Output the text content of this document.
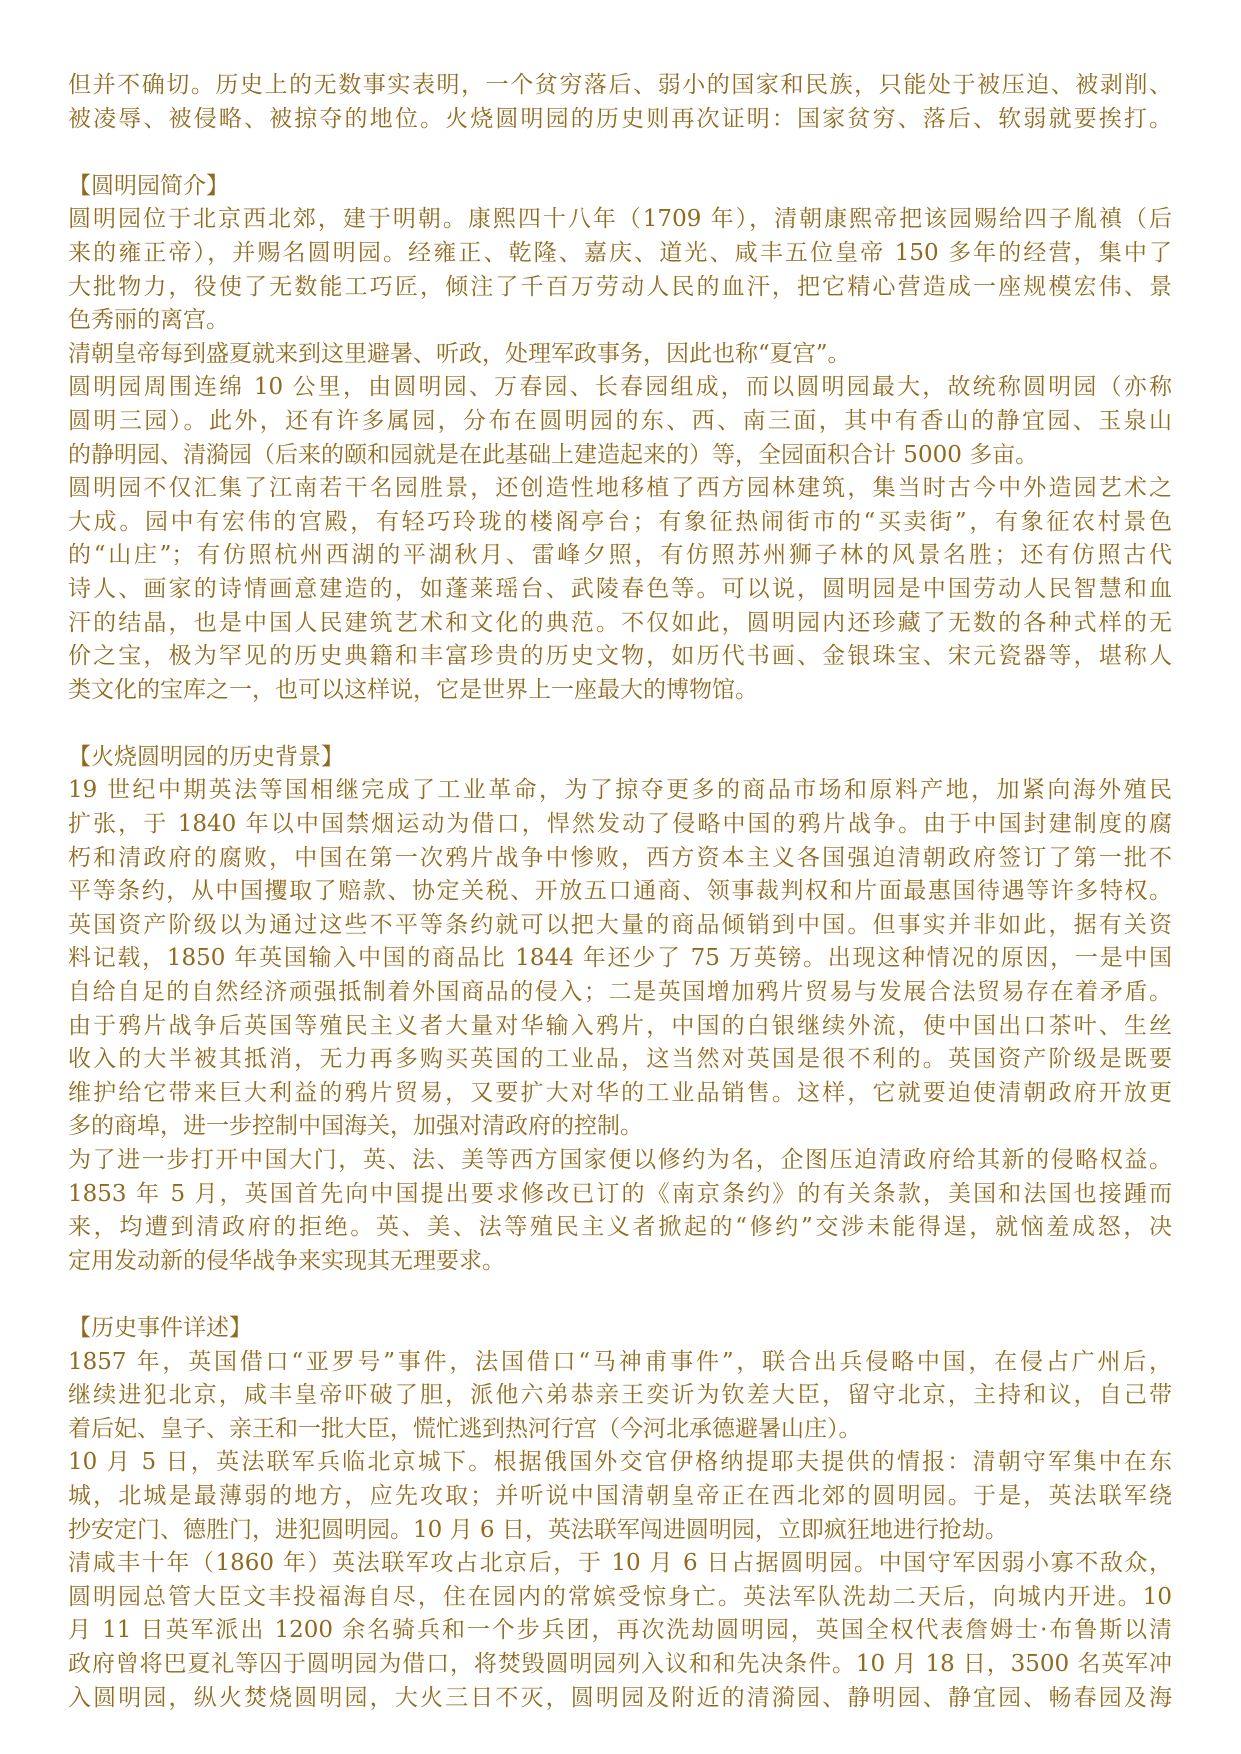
但并不确切。历史上的无数事实表明，一个贫穷落后、弱小的国家和民族，只能处于被压迫、被剥削、
被凌辱、被侵略、被掠夺的地位。火烧圆明园的历史则再次证明：国家贫穷、落后、软弱就要挨打。
【圆明园简介】
圆明园位于北京西北郊，建于明朝。康熙四十八年（1709 年），清朝康熙帝把该园赐给四子胤禛（后
来的雍正帝），并赐名圆明园。经雍正、乾隆、嘉庆、道光、咸丰五位皇帝 150 多年的经营，集中了
大批物力，役使了无数能工巧匠，倾注了千百万劳动人民的血汗，把它精心营造成一座规模宏伟、景
色秀丽的离宫。
清朝皇帝每到盛夏就来到这里避暑、听政，处理军政事务，因此也称“夏宫”。
圆明园周围连绵 10 公里，由圆明园、万春园、长春园组成，而以圆明园最大，故统称圆明园（亦称
圆明三园）。此外，还有许多属园，分布在圆明园的东、西、南三面，其中有香山的静宜园、玉泉山
的静明园、清漪园（后来的颐和园就是在此基础上建造起来的）等，全园面积合计 5000 多亩。
圆明园不仅汇集了江南若干名园胜景，还创造性地移植了西方园林建筑，集当时古今中外造园艺术之
大成。园中有宏伟的宫殿，有轻巧玲珑的楼阁亭台；有象征热闹街市的“买卖街”，有象征农村景色
的“山庄”；有仿照杭州西湖的平湖秋月、雷峰夕照，有仿照苏州狮子林的风景名胜；还有仿照古代
诗人、画家的诗情画意建造的，如蓬莱瑶台、武陵春色等。可以说，圆明园是中国劳动人民智慧和血
汗的结晶，也是中国人民建筑艺术和文化的典范。不仅如此，圆明园内还珍藏了无数的各种式样的无
价之宝，极为罕见的历史典籍和丰富珍贵的历史文物，如历代书画、金银珠宝、宋元瓷器等，堪称人
类文化的宝库之一，也可以这样说，它是世界上一座最大的博物馆。
【火烧圆明园的历史背景】
19 世纪中期英法等国相继完成了工业革命，为了掠夺更多的商品市场和原料产地，加紧向海外殖民
扩张，于 1840 年以中国禁烟运动为借口，悍然发动了侵略中国的鸦片战争。由于中国封建制度的腐
朽和清政府的腐败，中国在第一次鸦片战争中惨败，西方资本主义各国强迫清朝政府签订了第一批不
平等条约，从中国攫取了赔款、协定关税、开放五口通商、领事裁判权和片面最惠国待遇等许多特权。
英国资产阶级以为通过这些不平等条约就可以把大量的商品倾销到中国。但事实并非如此，据有关资
料记载，1850 年英国输入中国的商品比 1844 年还少了 75 万英镑。出现这种情况的原因，一是中国
自给自足的自然经济顽强抵制着外国商品的侵入；二是英国增加鸦片贸易与发展合法贸易存在着矛盾。
由于鸦片战争后英国等殖民主义者大量对华输入鸦片，中国的白银继续外流，使中国出口茶叶、生丝
收入的大半被其抵消，无力再多购买英国的工业品，这当然对英国是很不利的。英国资产阶级是既要
维护给它带来巨大利益的鸦片贸易，又要扩大对华的工业品销售。这样，它就要迫使清朝政府开放更
多的商埠，进一步控制中国海关，加强对清政府的控制。
为了进一步打开中国大门，英、法、美等西方国家便以修约为名，企图压迫清政府给其新的侵略权益。
1853 年 5 月，英国首先向中国提出要求修改已订的《南京条约》的有关条款，美国和法国也接踵而
来，均遭到清政府的拒绝。英、美、法等殖民主义者掀起的“修约”交涉未能得逞，就恼羞成怒，决
定用发动新的侵华战争来实现其无理要求。
【历史事件详述】
1857 年，英国借口“亚罗号”事件，法国借口“马神甫事件”，联合出兵侵略中国，在侵占广州后，
继续进犯北京，咸丰皇帝吓破了胆，派他六弟恭亲王奕䜣为钦差大臣，留守北京，主持和议，自己带
着后妃、皇子、亲王和一批大臣，慌忙逃到热河行宫（今河北承德避暑山庄）。
10 月 5 日，英法联军兵临北京城下。根据俄国外交官伊格纳提耶夫提供的情报：清朝守军集中在东
城，北城是最薄弱的地方，应先攻取；并听说中国清朝皇帝正在西北郊的圆明园。于是，英法联军绕
抄安定门、德胜门，进犯圆明园。10 月 6 日，英法联军闯进圆明园，立即疯狂地进行抢劫。
清咸丰十年（1860 年）英法联军攻占北京后，于 10 月 6 日占据圆明园。中国守军因弱小寡不敌众，
圆明园总管大臣文丰投福海自尽，住在园内的常嫔受惊身亡。英法军队洗劫二天后，向城内开进。10
月 11 日英军派出 1200 余名骑兵和一个步兵团，再次洗劫圆明园，英国全权代表詹姆士·布鲁斯以清
政府曾将巴夏礼等囚于圆明园为借口，将焚毁圆明园列入议和和先决条件。10 月 18 日，3500 名英军冲
入圆明园，纵火焚烧圆明园，大火三日不灭，圆明园及附近的清漪园、静明园、静宜园、畅春园及海
